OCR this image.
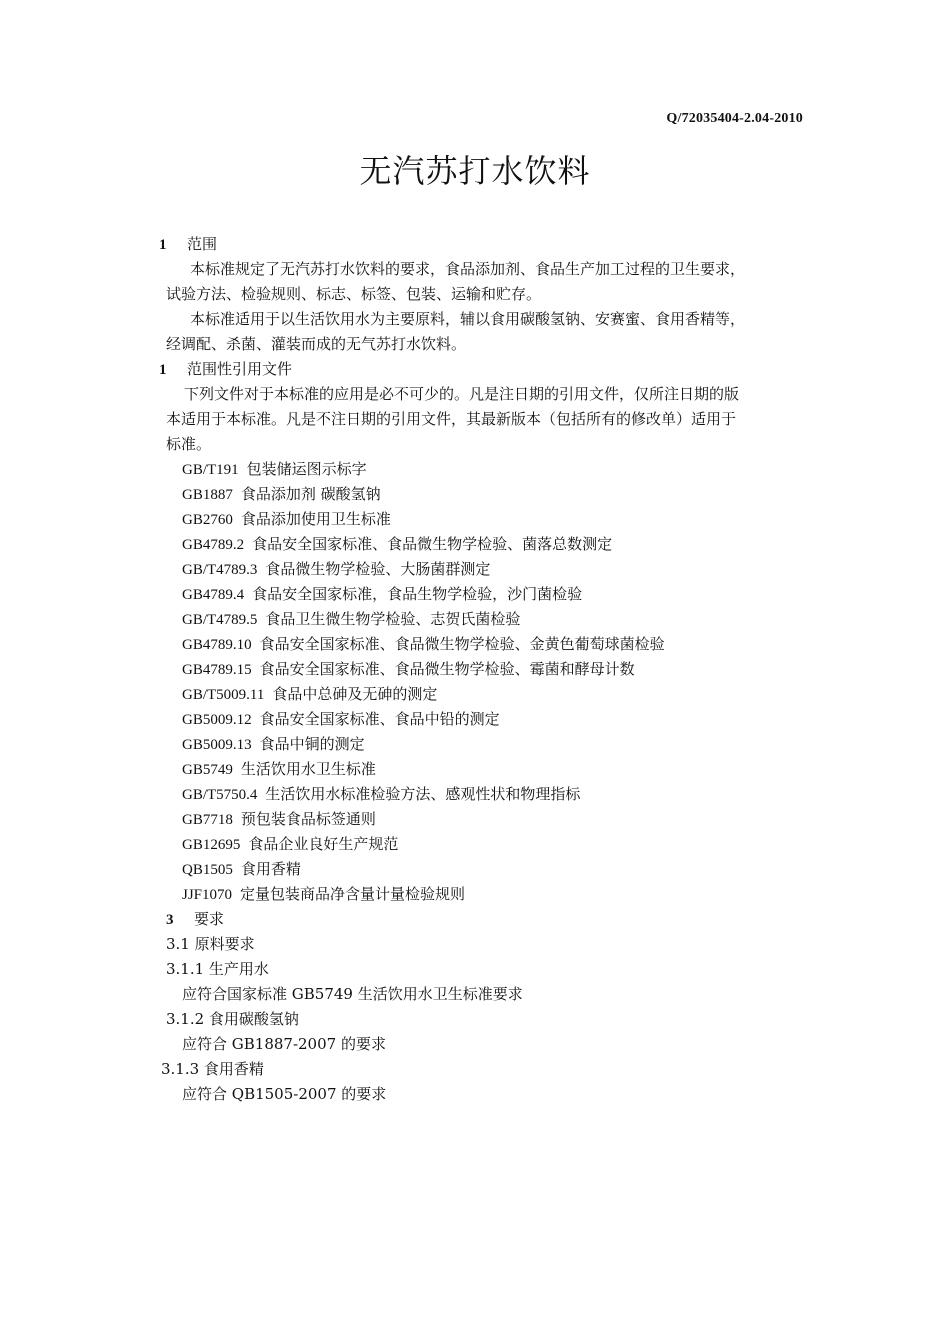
Q/72035404-2.04-2010
无汽苏打水饮料
1 范围
本标准规定了无汽苏打水饮料的要求，食品添加剂、食品生产加工过程的卫生要求，
试验方法、检验规则、标志、标签、包装、运输和贮存。
本标准适用于以生活饮用水为主要原料，辅以食用碳酸氢钠、安赛蜜、食用香精等，
经调配、杀菌、灌装而成的无气苏打水饮料。
1 范围性引用文件
下列文件对于本标准的应用是必不可少的。凡是注日期的引用文件，仅所注日期的版
本适用于本标准。凡是不注日期的引用文件，其最新版本（包括所有的修改单）适用于
标准。
GB/T191 包装储运图示标字
GB1887 食品添加剂 碳酸氢钠
GB2760 食品添加使用卫生标准
GB4789.2 食品安全国家标准、食品微生物学检验、菌落总数测定
GB/T4789.3 食品微生物学检验、大肠菌群测定
GB4789.4 食品安全国家标准，食品生物学检验，沙门菌检验
GB/T4789.5 食品卫生微生物学检验、志贺氏菌检验
GB4789.10 食品安全国家标准、食品微生物学检验、金黄色葡萄球菌检验
GB4789.15 食品安全国家标准、食品微生物学检验、霉菌和酵母计数
GB/T5009.11 食品中总砷及无砷的测定
GB5009.12 食品安全国家标准、食品中铅的测定
GB5009.13 食品中铜的测定
GB5749 生活饮用水卫生标准
GB/T5750.4 生活饮用水标准检验方法、感观性状和物理指标
GB7718 预包装食品标签通则
GB12695 食品企业良好生产规范
QB1505 食用香精
JJF1070 定量包装商品净含量计量检验规则
3 要求
3.1 原料要求
3.1.1 生产用水
应符合国家标准 GB5749 生活饮用水卫生标准要求
3.1.2 食用碳酸氢钠
应符合 GB1887-2007 的要求
3.1.3 食用香精
应符合 QB1505-2007 的要求
